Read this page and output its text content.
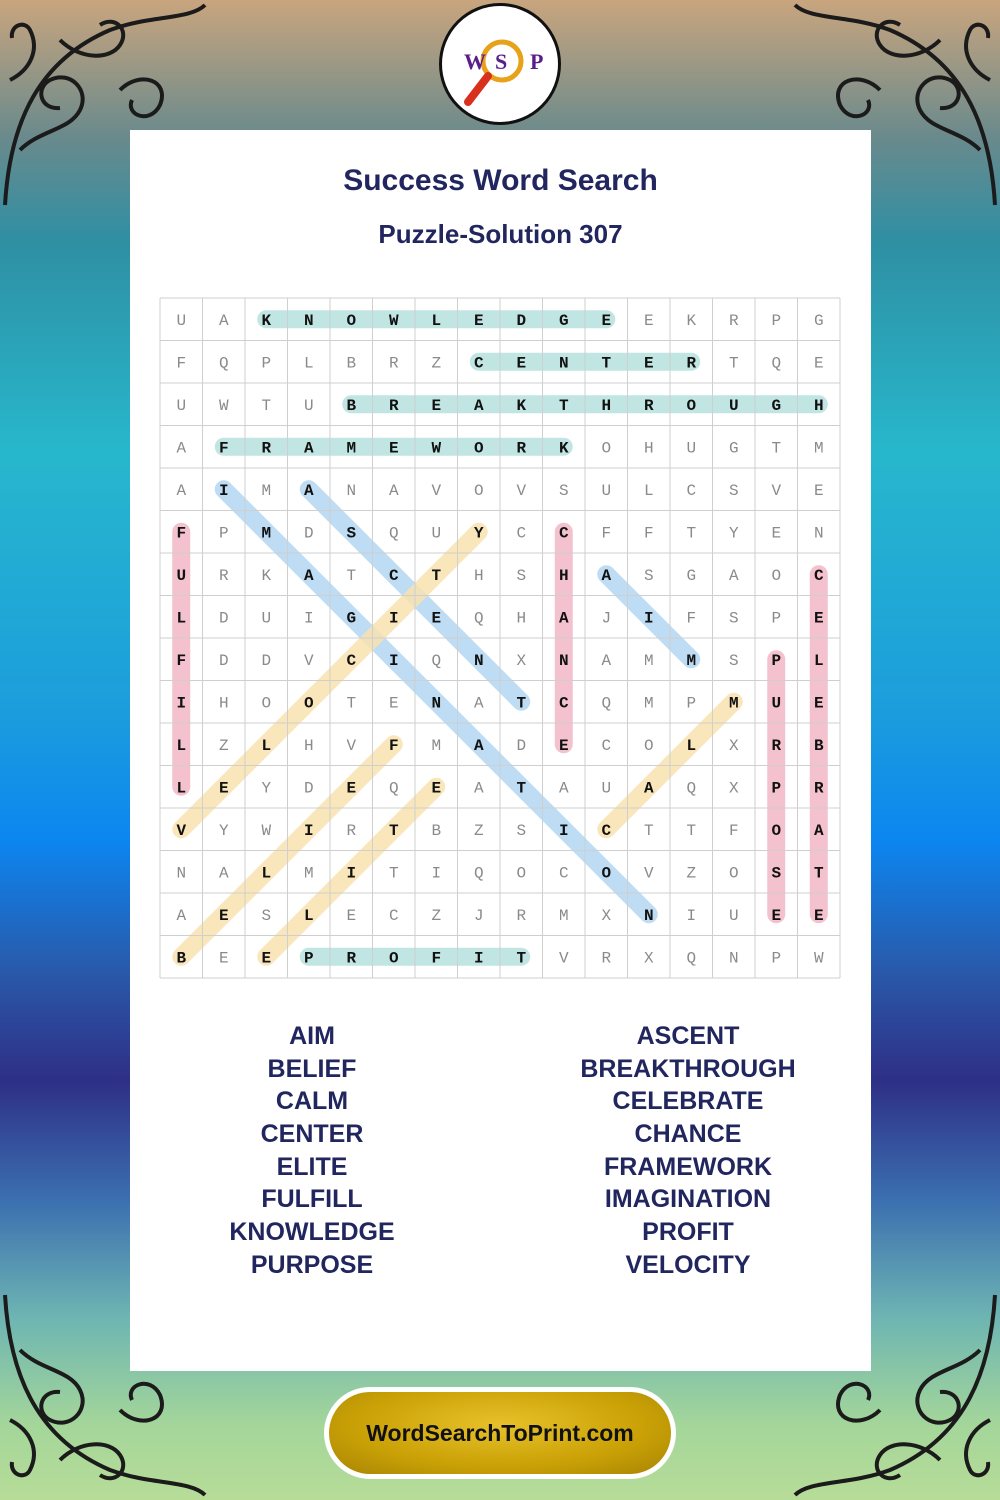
W S P
Success Word Search
Puzzle-Solution 307
U A K N O W L E D G E E K R P G
F Q P L B R Z C E N T E R T Q E
U W T U B R E A K T H R O U G H
A F R A M E W O R K O H U G T M
A I M A N A V O V S U L C S V E
F P M D S Q U Y C C F F T Y E N
U R K A T C T H S H A S G A O C
L D U I G I E Q H A J I F S P E
F D D V C I Q N X N A M M S P L
I H O O T E N A T C Q M P M U E
L Z L H V F M A D E C O L X R B
L E Y D E Q E A T A U A Q X P R
V Y W I R T B Z S I C T T F O A
N A L M I T I Q O C O V Z O S T
A E S L E C Z J R M X N I U E E
B E E P R O F I T V R X Q N P W
AIM
BELIEF
CALM
CENTER
ELITE
FULFILL
KNOWLEDGE
PURPOSE
ASCENT
BREAKTHROUGH
CELEBRATE
CHANCE
FRAMEWORK
IMAGINATION
PROFIT
VELOCITY
WordSearchToPrint.com
